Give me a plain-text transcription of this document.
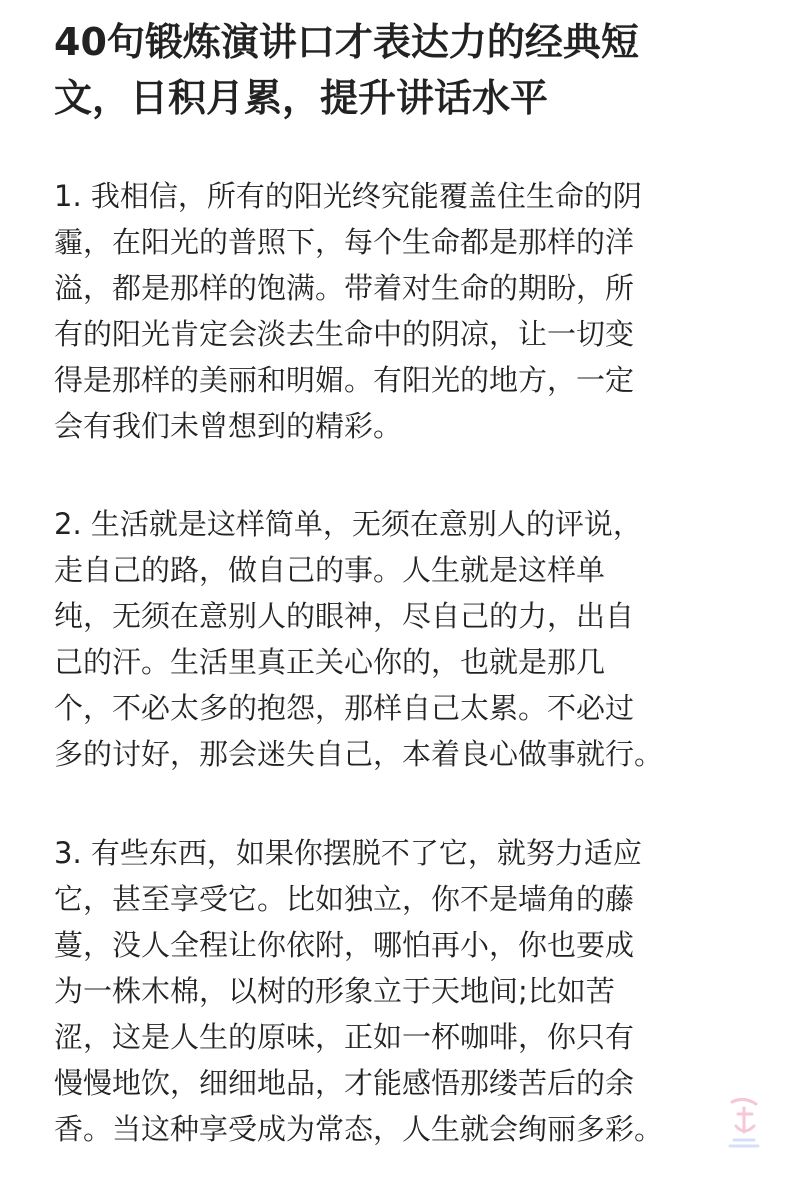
40句锻炼演讲口才表达力的经典短
文，日积月累，提升讲话水平
1. 我相信，所有的阳光终究能覆盖住生命的阴
霾，在阳光的普照下，每个生命都是那样的洋
溢，都是那样的饱满。带着对生命的期盼，所
有的阳光肯定会淡去生命中的阴凉，让一切变
得是那样的美丽和明媚。有阳光的地方，一定
会有我们未曾想到的精彩。
2. 生活就是这样简单，无须在意别人的评说，
走自己的路，做自己的事。人生就是这样单
纯，无须在意别人的眼神，尽自己的力，出自
己的汗。生活里真正关心你的，也就是那几
个，不必太多的抱怨，那样自己太累。不必过
多的讨好，那会迷失自己，本着良心做事就行。
3. 有些东西，如果你摆脱不了它，就努力适应
它，甚至享受它。比如独立，你不是墙角的藤
蔓，没人全程让你依附，哪怕再小，你也要成
为一株木棉，以树的形象立于天地间;比如苦
涩，这是人生的原味，正如一杯咖啡，你只有
慢慢地饮，细细地品，才能感悟那缕苦后的余
香。当这种享受成为常态，人生就会绚丽多彩。
